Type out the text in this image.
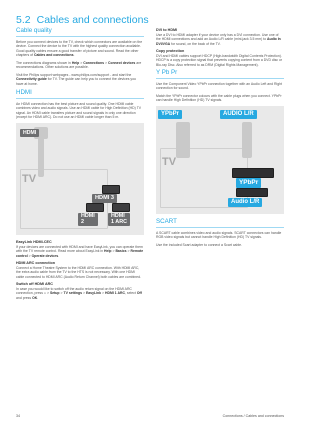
5.2 Cables and connections
Cable quality

Before you connect devices to the TV, check which connectors are available on the device. Connect the device to the TV with the highest quality connection available. Good quality cables ensure a good transfer of picture and sound. Read the other chapters of Cables and connections.

The connections diagrams shown in Help > Connections > Connect devices are recommendations. Other solutions are possible.

Visit the Philips support webpages - www.philips.com/support - and start the Connectivity guide for TV. The guide can help you to connect the devices you have at home.

HDMI

An HDMI connection has the best picture and sound quality. One HDMI cable combines video and audio signals. Use an HDMI cable for High Definition (HD) TV signal. An HDMI cable transfers picture and sound signals in only one direction (except for HDMI ARC). Do not use an HDMI cable longer than 5 m.

TV
HDMI
HDMI 3
HDMI
2
HDMI
1 ARC
EasyLink HDMI-CEC

If your devices are connected with HDMI and have EasyLink, you can operate them with the TV remote control. Read more about EasyLink in Help > Basics > Remote control > Operate devices.

HDMI ARC connection

Connect a Home Theatre System to the HDMI ARC connection. With HDMI ARC, the extra audio cable from the TV to the HTS is not necessary. With one HDMI cable connected to HDMI ARC (Audio Return Channel) both cables are combined.

Switch off HDMI ARC

In case you would like to switch off the audio return signal on the HDMI ARC connection, press ⌂ > Setup > TV settings > EasyLink > HDMI 1 ARC, select Off and press OK.

DVI to HDMI

Use a DVI to HDMI adapter if your device only has a DVI connection. Use one of the HDMI connections and add an Audio L/R cable (mini-jack 3.5 mm) to Audio In DVI/VGA for sound, on the back of the TV.

Copy protection

DVI and HDMI cables support HDCP (High-bandwidth Digital Contents Protection). HDCP is a copy protection signal that prevents copying content from a DVD disc or Blu-ray Disc. Also referred to as DRM (Digital Rights Management).

Y Pb Pr

Use the Component Video YPbPr connection together with an Audio Left and Right connection for sound.

Match the YPbPr connector colours with the cable plugs when you connect. YPbPr can handle High Definition (HD) TV signals.

TV
YPbPr	AUDIO L/R
YPbPr
Audio L/R
SCART

A SCART cable combines video and audio signals. SCART connectors can handle RGB video signals but cannot handle High Definition (HD) TV signals.

Use the included Scart adapter to connect a Scart cable.

34	Connections / Cables and connections
